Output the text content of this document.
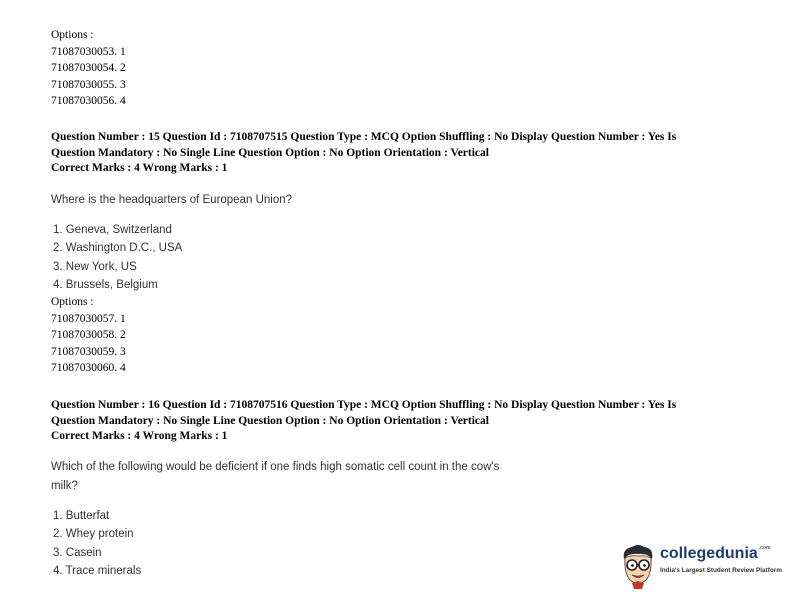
Options :
71087030053. 1
71087030054. 2
71087030055. 3
71087030056. 4
Question Number : 15 Question Id : 7108707515 Question Type : MCQ Option Shuffling : No Display Question Number : Yes Is
Question Mandatory : No Single Line Question Option : No Option Orientation : Vertical
Correct Marks : 4 Wrong Marks : 1
Where is the headquarters of European Union?
1. Geneva, Switzerland
2. Washington D.C., USA
3. New York, US
4. Brussels, Belgium
Options :
71087030057. 1
71087030058. 2
71087030059. 3
71087030060. 4
Question Number : 16 Question Id : 7108707516 Question Type : MCQ Option Shuffling : No Display Question Number : Yes Is
Question Mandatory : No Single Line Question Option : No Option Orientation : Vertical
Correct Marks : 4 Wrong Marks : 1
Which of the following would be deficient if one finds high somatic cell count in the cow's
milk?
1. Butterfat
2. Whey protein
3. Casein
4. Trace minerals
collegedunia$^{.com}$
India's Largest Student Review Platform
